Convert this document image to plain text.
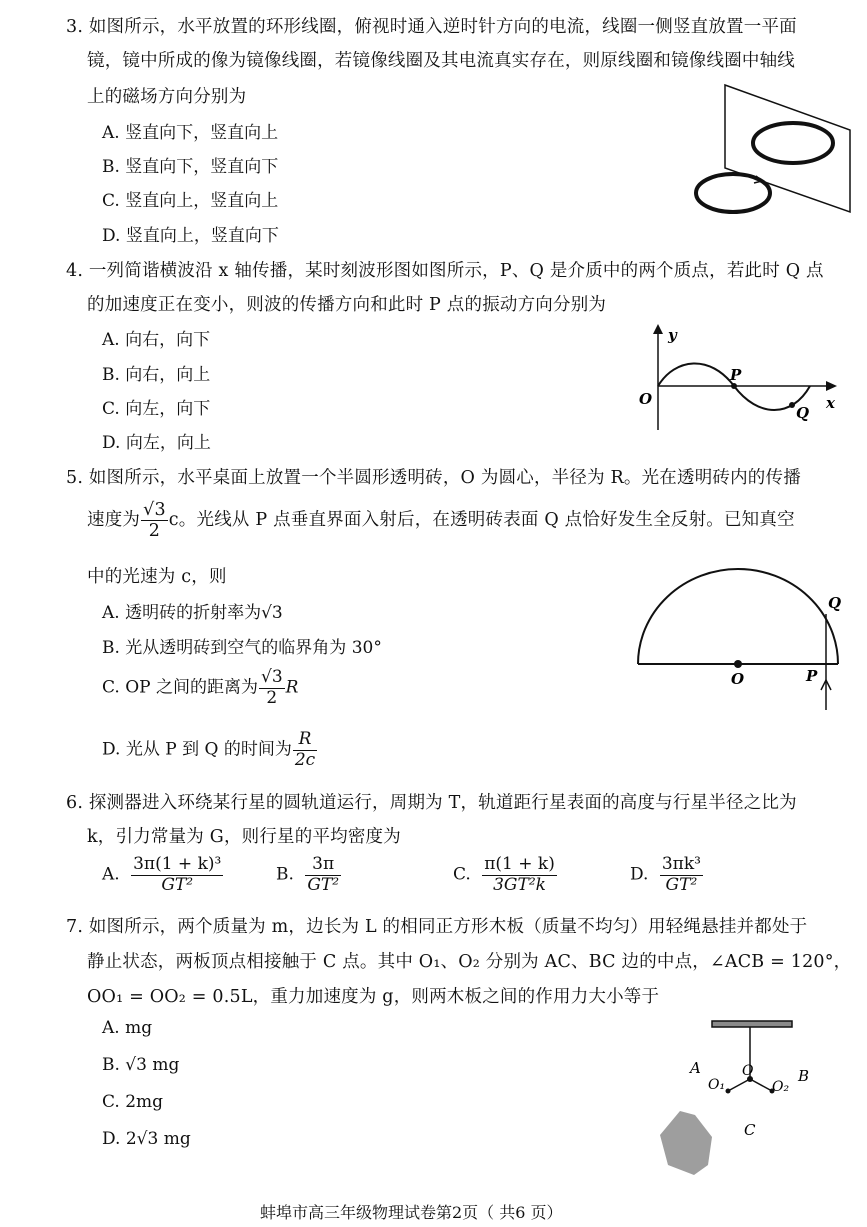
3. 如图所示，水平放置的环形线圈，俯视时通入逆时针方向的电流，线圈一侧竖直放置一平面
镜，镜中所成的像为镜像线圈，若镜像线圈及其电流真实存在，则原线圈和镜像线圈中轴线
上的磁场方向分别为
A. 竖直向下，竖直向上
B. 竖直向下，竖直向下
C. 竖直向上，竖直向上
D. 竖直向上，竖直向下
4. 一列简谐横波沿 x 轴传播，某时刻波形图如图所示，P、Q 是介质中的两个质点，若此时 Q 点
的加速度正在变小，则波的传播方向和此时 P 点的振动方向分别为
A. 向右，向下
B. 向右，向上
C. 向左，向下
D. 向左，向上
y
x
O
P
Q
5. 如图所示，水平桌面上放置一个半圆形透明砖，O 为圆心，半径为 R。光在透明砖内的传播
速度为 $\frac{√3}{2}$ c。光线从 P 点垂直界面入射后，在透明砖表面 Q 点恰好发生全反射。已知真空
中的光速为 c，则
A. 透明砖的折射率为√3
B. 光从透明砖到空气的临界角为 30°
C. OP 之间的距离为 $\frac{√3}{2}$ R
D. 光从 P 到 Q 的时间为 $\frac{R}{2c}$
Q
O	P
6. 探测器进入环绕某行星的圆轨道运行，周期为 T，轨道距行星表面的高度与行星半径之比为
k，引力常量为 G，则行星的平均密度为
A. $\frac{\text{3π(1 + k)³}}{\text{GT²}}$	B. $\frac{3\pi}{\text{GT²}}$	C. $\frac{\pi(1 + k)}{\text{3GT²k}}$	D. $\frac{\text{3πk³}}{\text{GT²}}$
7. 如图所示，两个质量为 m，边长为 L 的相同正方形木板（质量不均匀）用轻绳悬挂并都处于
静止状态，两板顶点相接触于 C 点。其中 O₁、O₂ 分别为 AC、BC 边的中点，∠ACB = 120°，
OO₁ = OO₂ = 0.5L，重力加速度为 g，则两木板之间的作用力大小等于
A. mg
B. √3 mg
C. 2mg
D. 2√3 mg
A	B
C
O
O₁	O₂
蚌埠市高三年级物理试卷第2页（ 共6 页）
